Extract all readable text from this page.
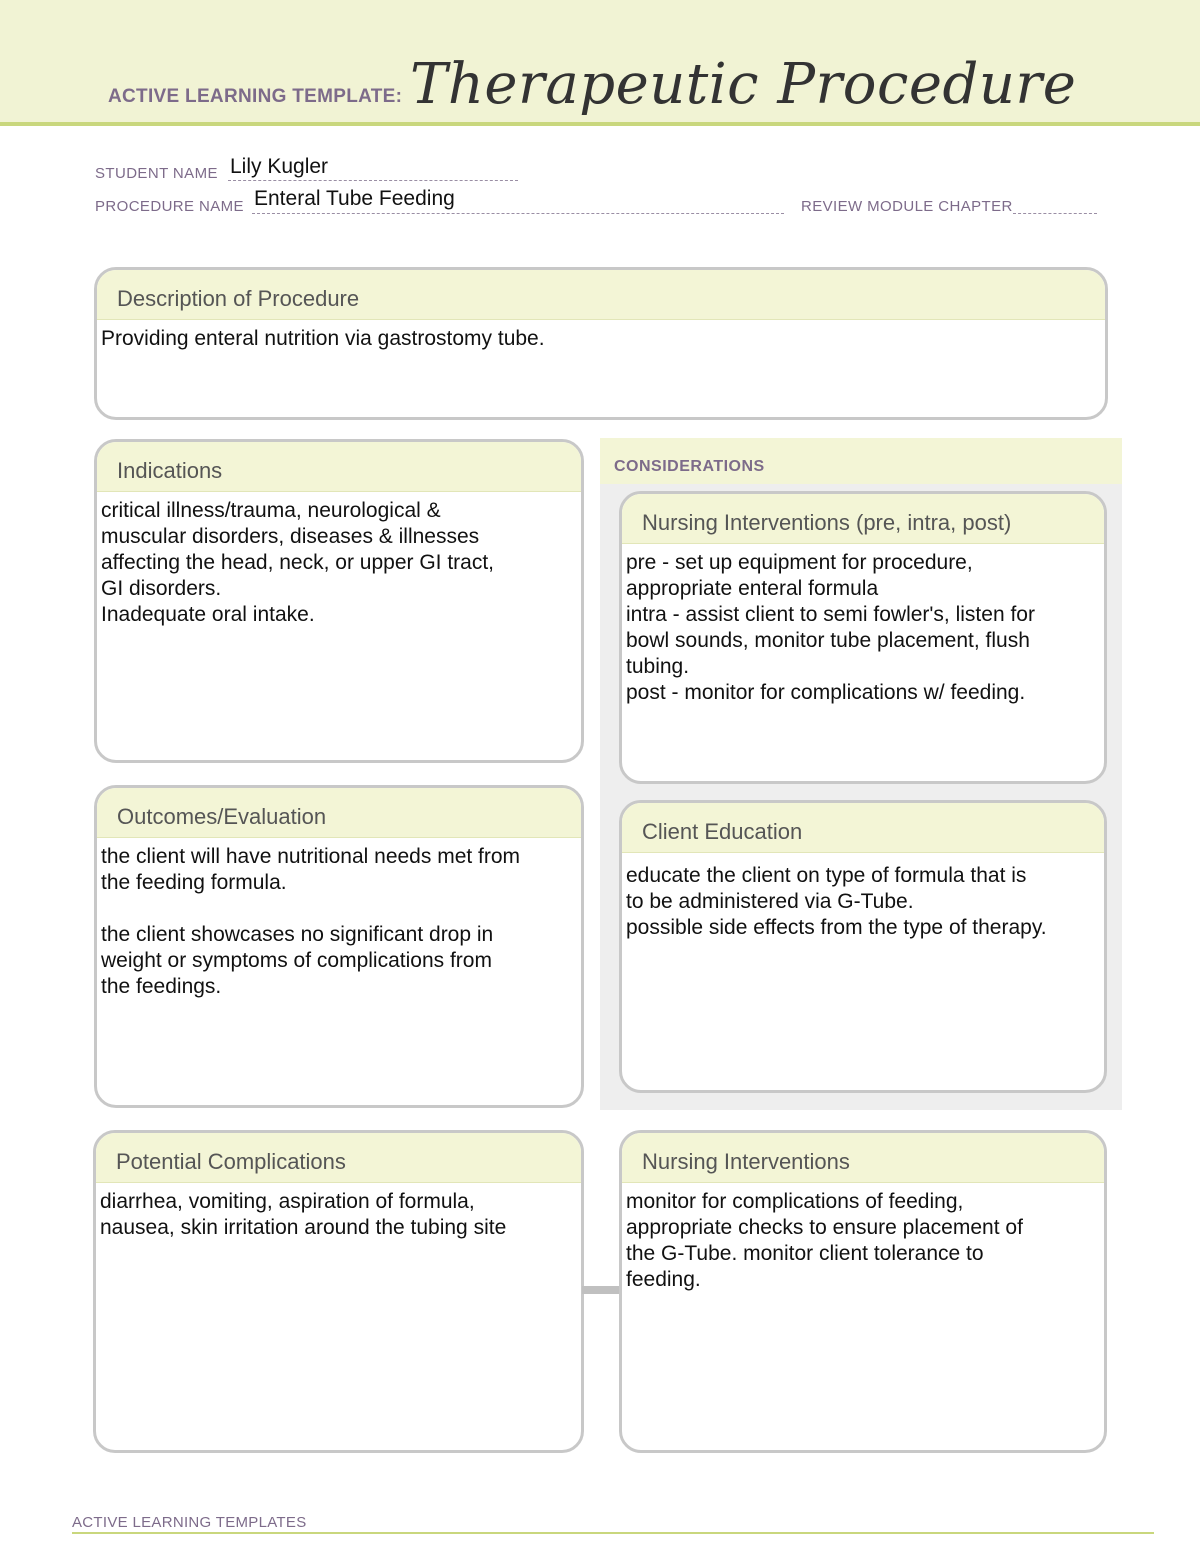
ACTIVE LEARNING TEMPLATE: Therapeutic Procedure
STUDENT NAME Lily Kugler
PROCEDURE NAME Enteral Tube Feeding	REVIEW MODULE CHAPTER
Description of Procedure
Providing enteral nutrition via gastrostomy tube.
Indications
critical illness/trauma, neurological &
muscular disorders, diseases & illnesses
affecting the head, neck, or upper GI tract,
GI disorders.
Inadequate oral intake.
CONSIDERATIONS
Nursing Interventions (pre, intra, post)
pre - set up equipment for procedure,
appropriate enteral formula
intra - assist client to semi fowler's, listen for
bowl sounds, monitor tube placement, flush
tubing.
post - monitor for complications w/ feeding.
Outcomes/Evaluation
the client will have nutritional needs met from
the feeding formula.

the client showcases no significant drop in
weight or symptoms of complications from
the feedings.
Client Education
educate the client on type of formula that is
to be administered via G-Tube.
possible side effects from the type of therapy.
Potential Complications
diarrhea, vomiting, aspiration of formula,
nausea, skin irritation around the tubing site
Nursing Interventions
monitor for complications of feeding,
appropriate checks to ensure placement of
the G-Tube. monitor client tolerance to
feeding.
ACTIVE LEARNING TEMPLATES
